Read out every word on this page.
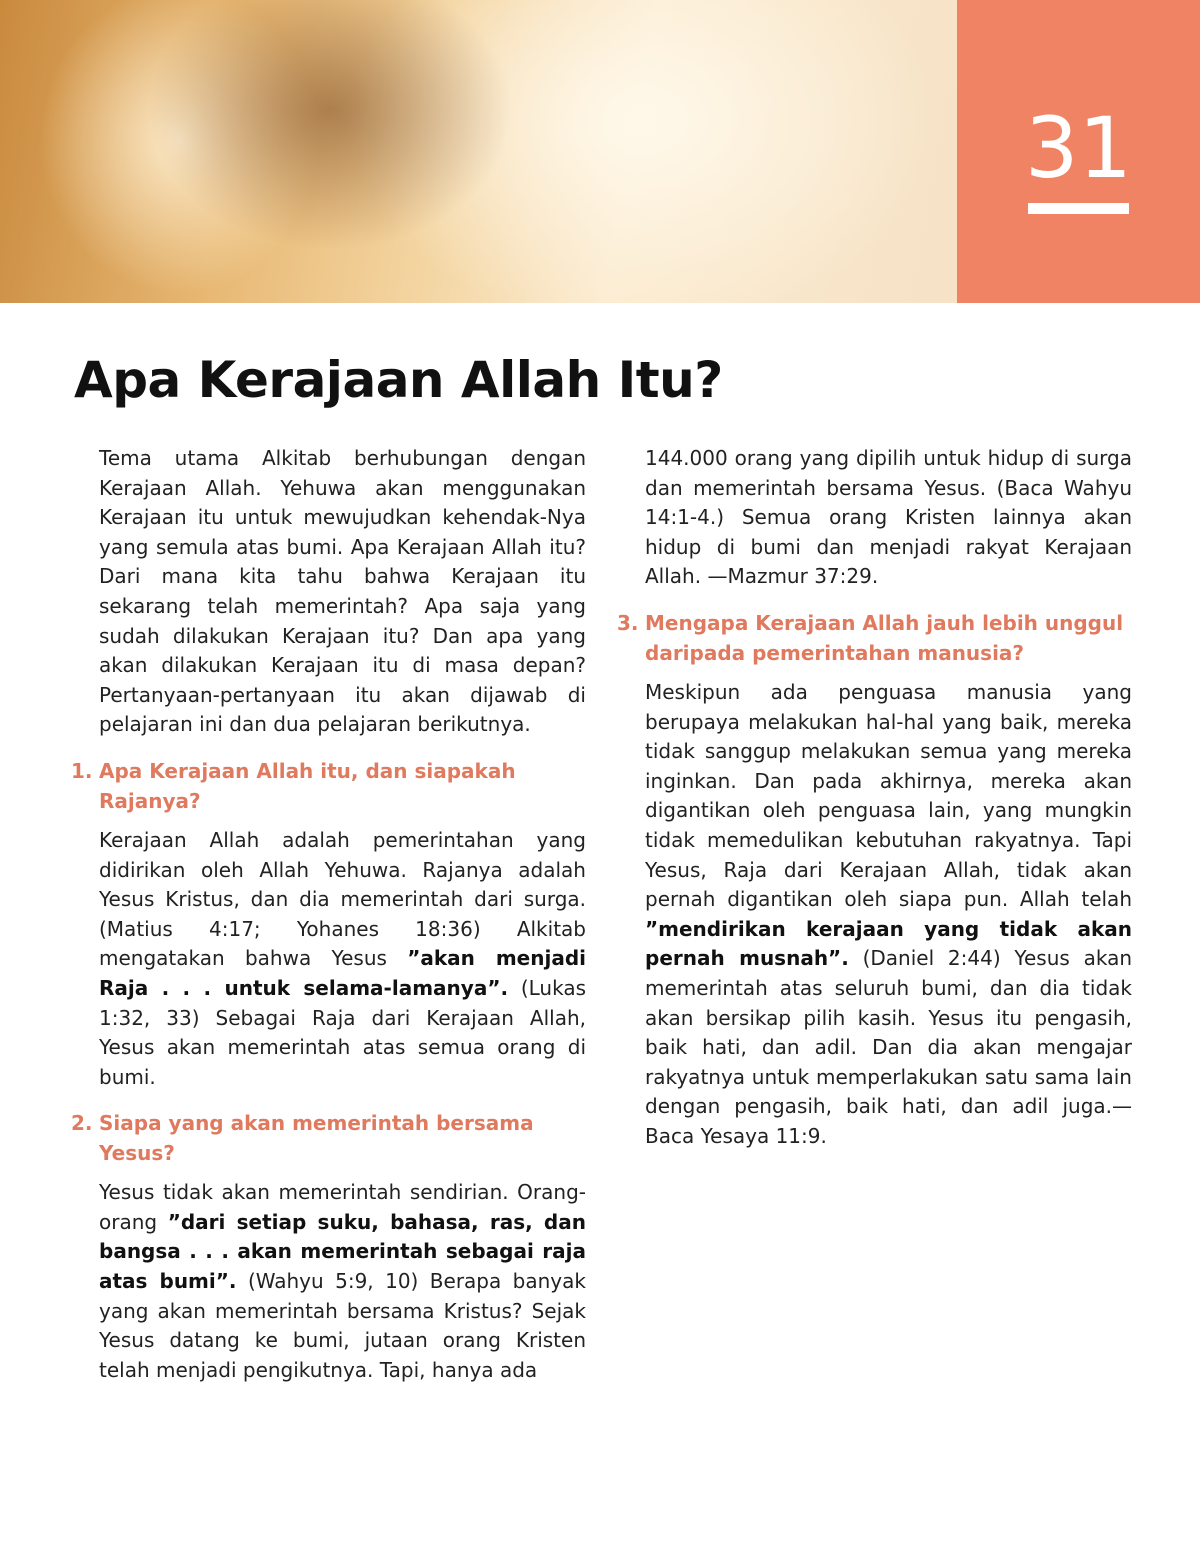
31
Apa Kerajaan Allah Itu?

Tema utama Alkitab berhubungan dengan Kerajaan Allah. Yehuwa akan menggunakan Kerajaan itu untuk mewujudkan kehendak-Nya yang semula atas bumi. Apa Kerajaan Allah itu? Dari mana kita tahu bahwa Kerajaan itu sekarang telah memerintah? Apa saja yang sudah dilakukan Kerajaan itu? Dan apa yang akan dilakukan Kerajaan itu di masa depan? Pertanyaan-pertanyaan itu akan dijawab di pelajaran ini dan dua pelajaran berikutnya.

1. Apa Kerajaan Allah itu, dan siapakah Rajanya?

Kerajaan Allah adalah pemerintahan yang didirikan oleh Allah Yehuwa. Rajanya adalah Yesus Kristus, dan dia memerintah dari surga. (Matius 4:17; Yohanes 18:36) Alkitab mengatakan bahwa Yesus ”akan menjadi Raja . . . untuk selama-lamanya”. (Lukas 1:32, 33) Sebagai Raja dari Kerajaan Allah, Yesus akan memerintah atas semua orang di bumi.

2. Siapa yang akan memerintah bersama Yesus?

Yesus tidak akan memerintah sendirian. Orang-orang ”dari setiap suku, bahasa, ras, dan bangsa . . . akan memerintah sebagai raja atas bumi”. (Wahyu 5:9, 10) Berapa banyak yang akan memerintah bersama Kristus? Sejak Yesus datang ke bumi, jutaan orang Kristen telah menjadi pengikutnya. Tapi, hanya ada

144.000 orang yang dipilih untuk hidup di surga dan memerintah bersama Yesus. (Baca Wahyu 14:1-4.) Semua orang Kristen lainnya akan hidup di bumi dan menjadi rakyat Kerajaan Allah. —Mazmur 37:29.

3. Mengapa Kerajaan Allah jauh lebih unggul daripada pemerintahan manusia?

Meskipun ada penguasa manusia yang berupaya melakukan hal-hal yang baik, mereka tidak sanggup melakukan semua yang mereka inginkan. Dan pada akhirnya, mereka akan digantikan oleh penguasa lain, yang mungkin tidak memedulikan kebutuhan rakyatnya. Tapi Yesus, Raja dari Kerajaan Allah, tidak akan pernah digantikan oleh siapa pun. Allah telah ”mendirikan kerajaan yang tidak akan pernah musnah”. (Daniel 2:44) Yesus akan memerintah atas seluruh bumi, dan dia tidak akan bersikap pilih kasih. Yesus itu pengasih, baik hati, dan adil. Dan dia akan mengajar rakyatnya untuk memperlakukan satu sama lain dengan pengasih, baik hati, dan adil juga.—Baca Yesaya 11:9.
